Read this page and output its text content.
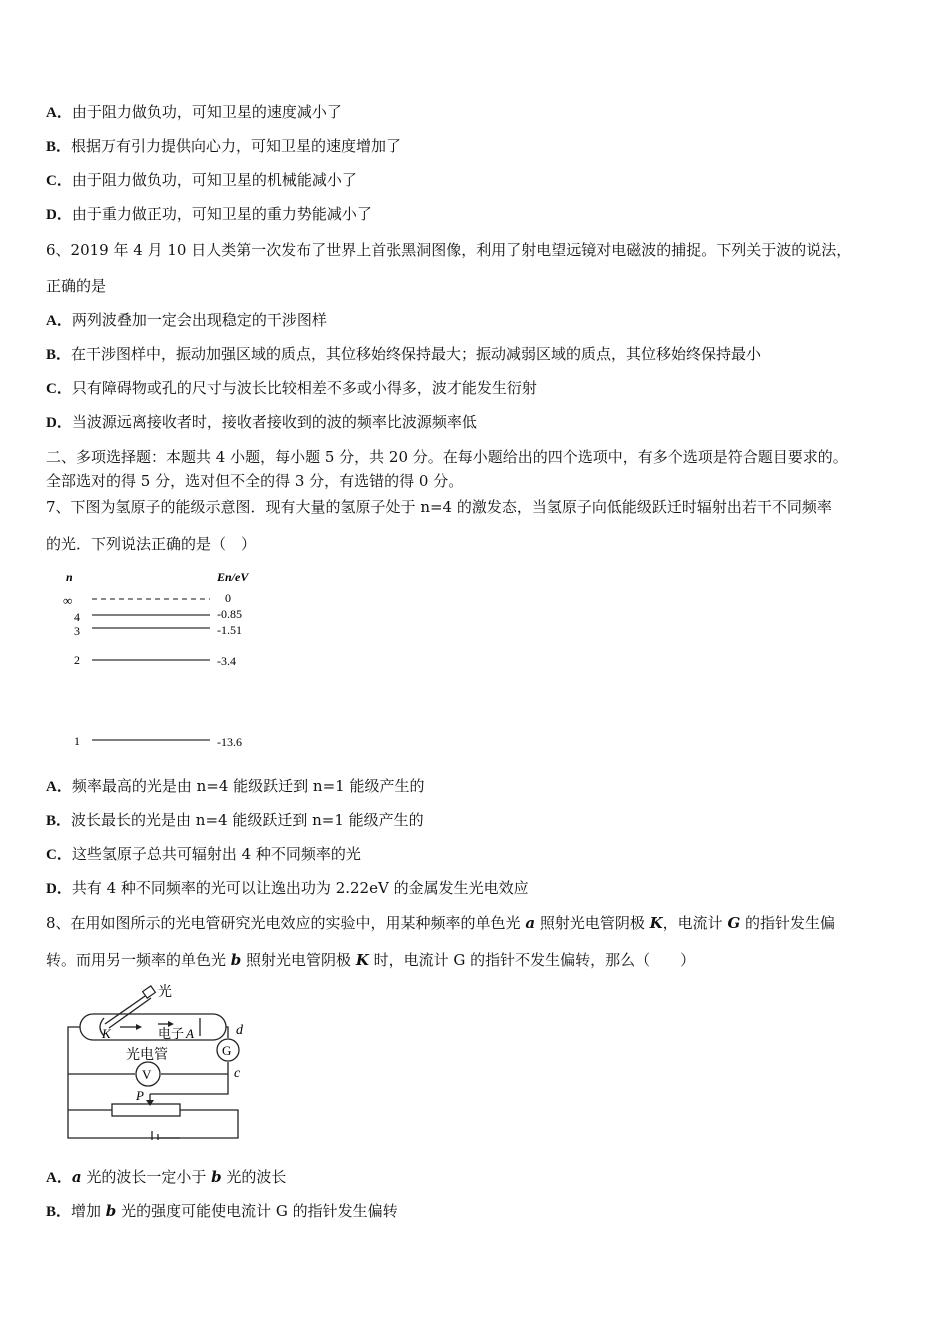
A．由于阻力做负功，可知卫星的速度减小了
B．根据万有引力提供向心力，可知卫星的速度增加了
C．由于阻力做负功，可知卫星的机械能减小了
D．由于重力做正功，可知卫星的重力势能减小了
6、2019 年 4 月 10 日人类第一次发布了世界上首张黑洞图像，利用了射电望远镜对电磁波的捕捉。下列关于波的说法，
正确的是
A．两列波叠加一定会出现稳定的干涉图样
B．在干涉图样中，振动加强区域的质点，其位移始终保持最大；振动减弱区域的质点，其位移始终保持最小
C．只有障碍物或孔的尺寸与波长比较相差不多或小得多，波才能发生衍射
D．当波源远离接收者时，接收者接收到的波的频率比波源频率低
二、多项选择题：本题共 4 小题，每小题 5 分，共 20 分。在每小题给出的四个选项中，有多个选项是符合题目要求的。
全部选对的得 5 分，选对但不全的得 3 分，有选错的得 0 分。
7、下图为氢原子的能级示意图．现有大量的氢原子处于 n=4 的激发态，当氢原子向低能级跃迁时辐射出若干不同频率
的光．下列说法正确的是（　）
n	En/eV
∞	0
4	-0.85
3	-1.51
2	-3.4
1	-13.6
A．频率最高的光是由 n=4 能级跃迁到 n=1 能级产生的
B．波长最长的光是由 n=4 能级跃迁到 n=1 能级产生的
C．这些氢原子总共可辐射出 4 种不同频率的光
D．共有 4 种不同频率的光可以让逸出功为 2.22eV 的金属发生光电效应
8、在用如图所示的光电管研究光电效应的实验中，用某种频率的单色光 a 照射光电管阴极 K，电流计 G 的指针发生偏
转。而用另一频率的单色光 b 照射光电管阴极 K 时，电流计 G 的指针不发生偏转，那么（　　）
G
V
光
K	电子 A
光电管
d
c
P
A．a 光的波长一定小于 b 光的波长
B．增加 b 光的强度可能使电流计 G 的指针发生偏转
